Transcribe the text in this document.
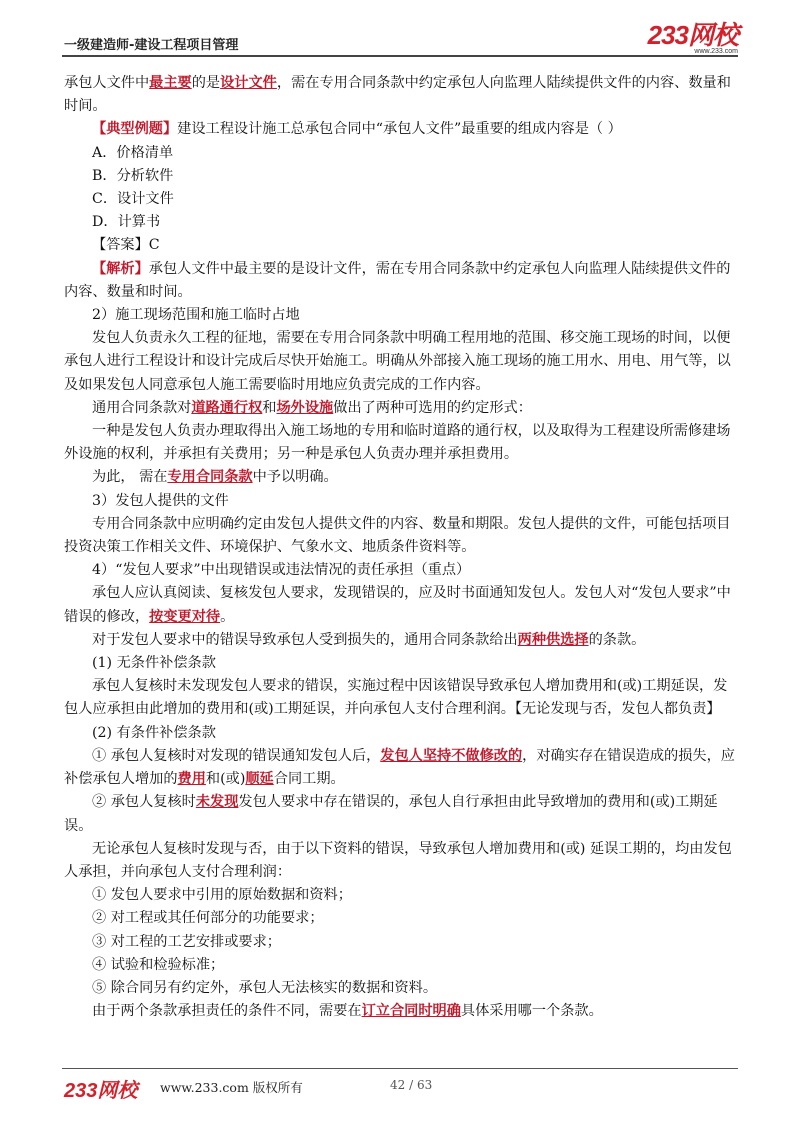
一级建造师-建设工程项目管理	233网校
www.233.com

承包人文件中最主要的是设计文件，需在专用合同条款中约定承包人向监理人陆续提供文件的内容、数量和时间。

【典型例题】建设工程设计施工总承包合同中“承包人文件”最重要的组成内容是（ ）

A．价格清单

B．分析软件

C．设计文件

D．计算书

【答案】C

【解析】承包人文件中最主要的是设计文件，需在专用合同条款中约定承包人向监理人陆续提供文件的内容、数量和时间。

2）施工现场范围和施工临时占地

发包人负责永久工程的征地，需要在专用合同条款中明确工程用地的范围、移交施工现场的时间，以便承包人进行工程设计和设计完成后尽快开始施工。明确从外部接入施工现场的施工用水、用电、用气等，以及如果发包人同意承包人施工需要临时用地应负责完成的工作内容。

通用合同条款对道路通行权和场外设施做出了两种可选用的约定形式：

一种是发包人负责办理取得出入施工场地的专用和临时道路的通行权，以及取得为工程建设所需修建场外设施的权利，并承担有关费用；另一种是承包人负责办理并承担费用。

为此， 需在专用合同条款中予以明确。

3）发包人提供的文件

专用合同条款中应明确约定由发包人提供文件的内容、数量和期限。发包人提供的文件，可能包括项目投资决策工作相关文件、环境保护、气象水文、地质条件资料等。

4）“发包人要求”中出现错误或违法情况的责任承担（重点）

承包人应认真阅读、复核发包人要求，发现错误的，应及时书面通知发包人。发包人对“发包人要求”中错误的修改，按变更对待。

对于发包人要求中的错误导致承包人受到损失的，通用合同条款给出两种供选择的条款。

(1) 无条件补偿条款

承包人复核时未发现发包人要求的错误，实施过程中因该错误导致承包人增加费用和(或)工期延误，发包人应承担由此增加的费用和(或)工期延误，并向承包人支付合理利润。【无论发现与否，发包人都负责】

(2) 有条件补偿条款

① 承包人复核时对发现的错误通知发包人后，发包人坚持不做修改的，对确实存在错误造成的损失，应补偿承包人增加的费用和(或)顺延合同工期。

② 承包人复核时未发现发包人要求中存在错误的，承包人自行承担由此导致增加的费用和(或)工期延误。

无论承包人复核时发现与否，由于以下资料的错误，导致承包人增加费用和(或) 延误工期的，均由发包人承担，并向承包人支付合理利润：

① 发包人要求中引用的原始数据和资料；

② 对工程或其任何部分的功能要求；

③ 对工程的工艺安排或要求；

④ 试验和检验标准；

⑤ 除合同另有约定外，承包人无法核实的数据和资料。

由于两个条款承担责任的条件不同，需要在订立合同时明确具体采用哪一个条款。

233网校 www.233.com 版权所有	42 / 63
